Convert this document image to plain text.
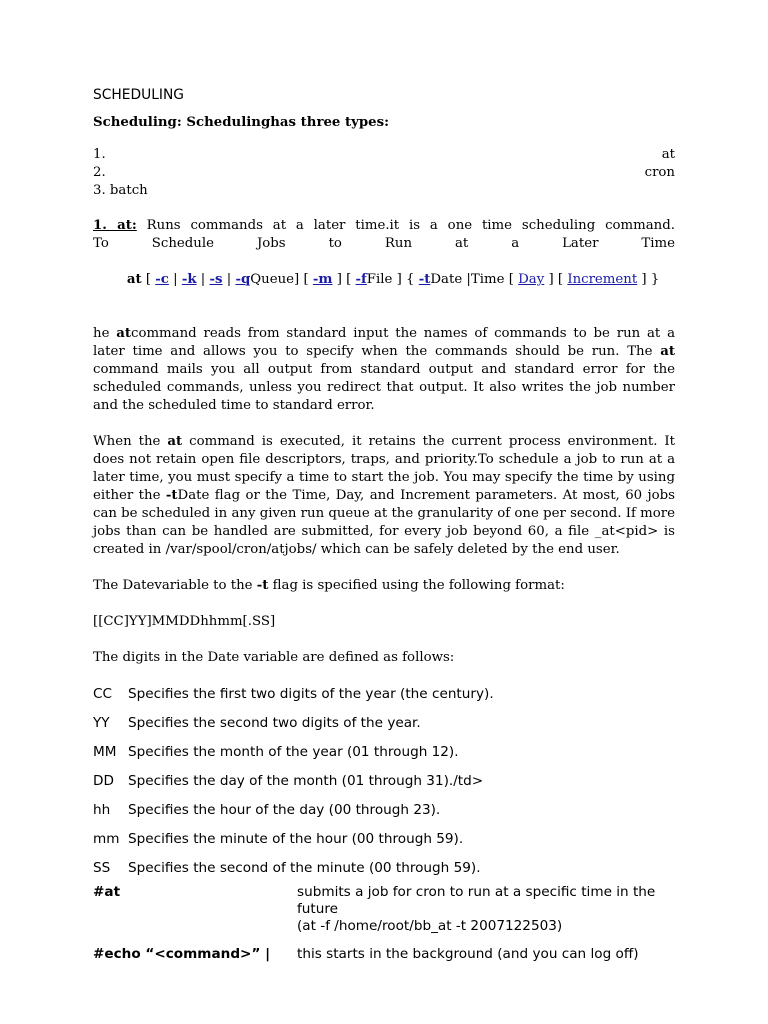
SCHEDULING
Scheduling: Schedulinghas three types:
1.	at
2.	cron
3. batch
1. at: Runs commands at a later time.it is a one time scheduling command.
To	Schedule	Jobs	to	Run	at	a	Later	Time

at [ -c | -k | -s | -qQueue] [ -m ] [ -fFile ] { -tDate |Time [ Day ] [ Increment ] }

he atcommand reads from standard input the names of commands to be run at a later time and allows you to specify when the commands should be run. The at command mails you all output from standard output and standard error for the scheduled commands, unless you redirect that output. It also writes the job number and the scheduled time to standard error.

When the at command is executed, it retains the current process environment. It does not retain open file descriptors, traps, and priority.To schedule a job to run at a later time, you must specify a time to start the job. You may specify the time by using either the -tDate flag or the Time, Day, and Increment parameters. At most, 60 jobs can be scheduled in any given run queue at the granularity of one per second. If more jobs than can be handled are submitted, for every job beyond 60, a file _at<pid> is created in /var/spool/cron/atjobs/ which can be safely deleted by the end user.

The Datevariable to the -t flag is specified using the following format:

[[CC]YY]MMDDhhmm[.SS]

The digits in the Date variable are defined as follows:

CC	Specifies the first two digits of the year (the century).
YY	Specifies the second two digits of the year.
MM Specifies the month of the year (01 through 12).
DD	Specifies the day of the month (01 through 31)./td>
hh	Specifies the hour of the day (00 through 23).
mm Specifies the minute of the hour (00 through 59).
SS	Specifies the second of the minute (00 through 59).
#at	submits a job for cron to run at a specific time in the future
(at -f /home/root/bb_at -t 2007122503)
#echo “<command>” |	this starts in the background (and you can log off)
